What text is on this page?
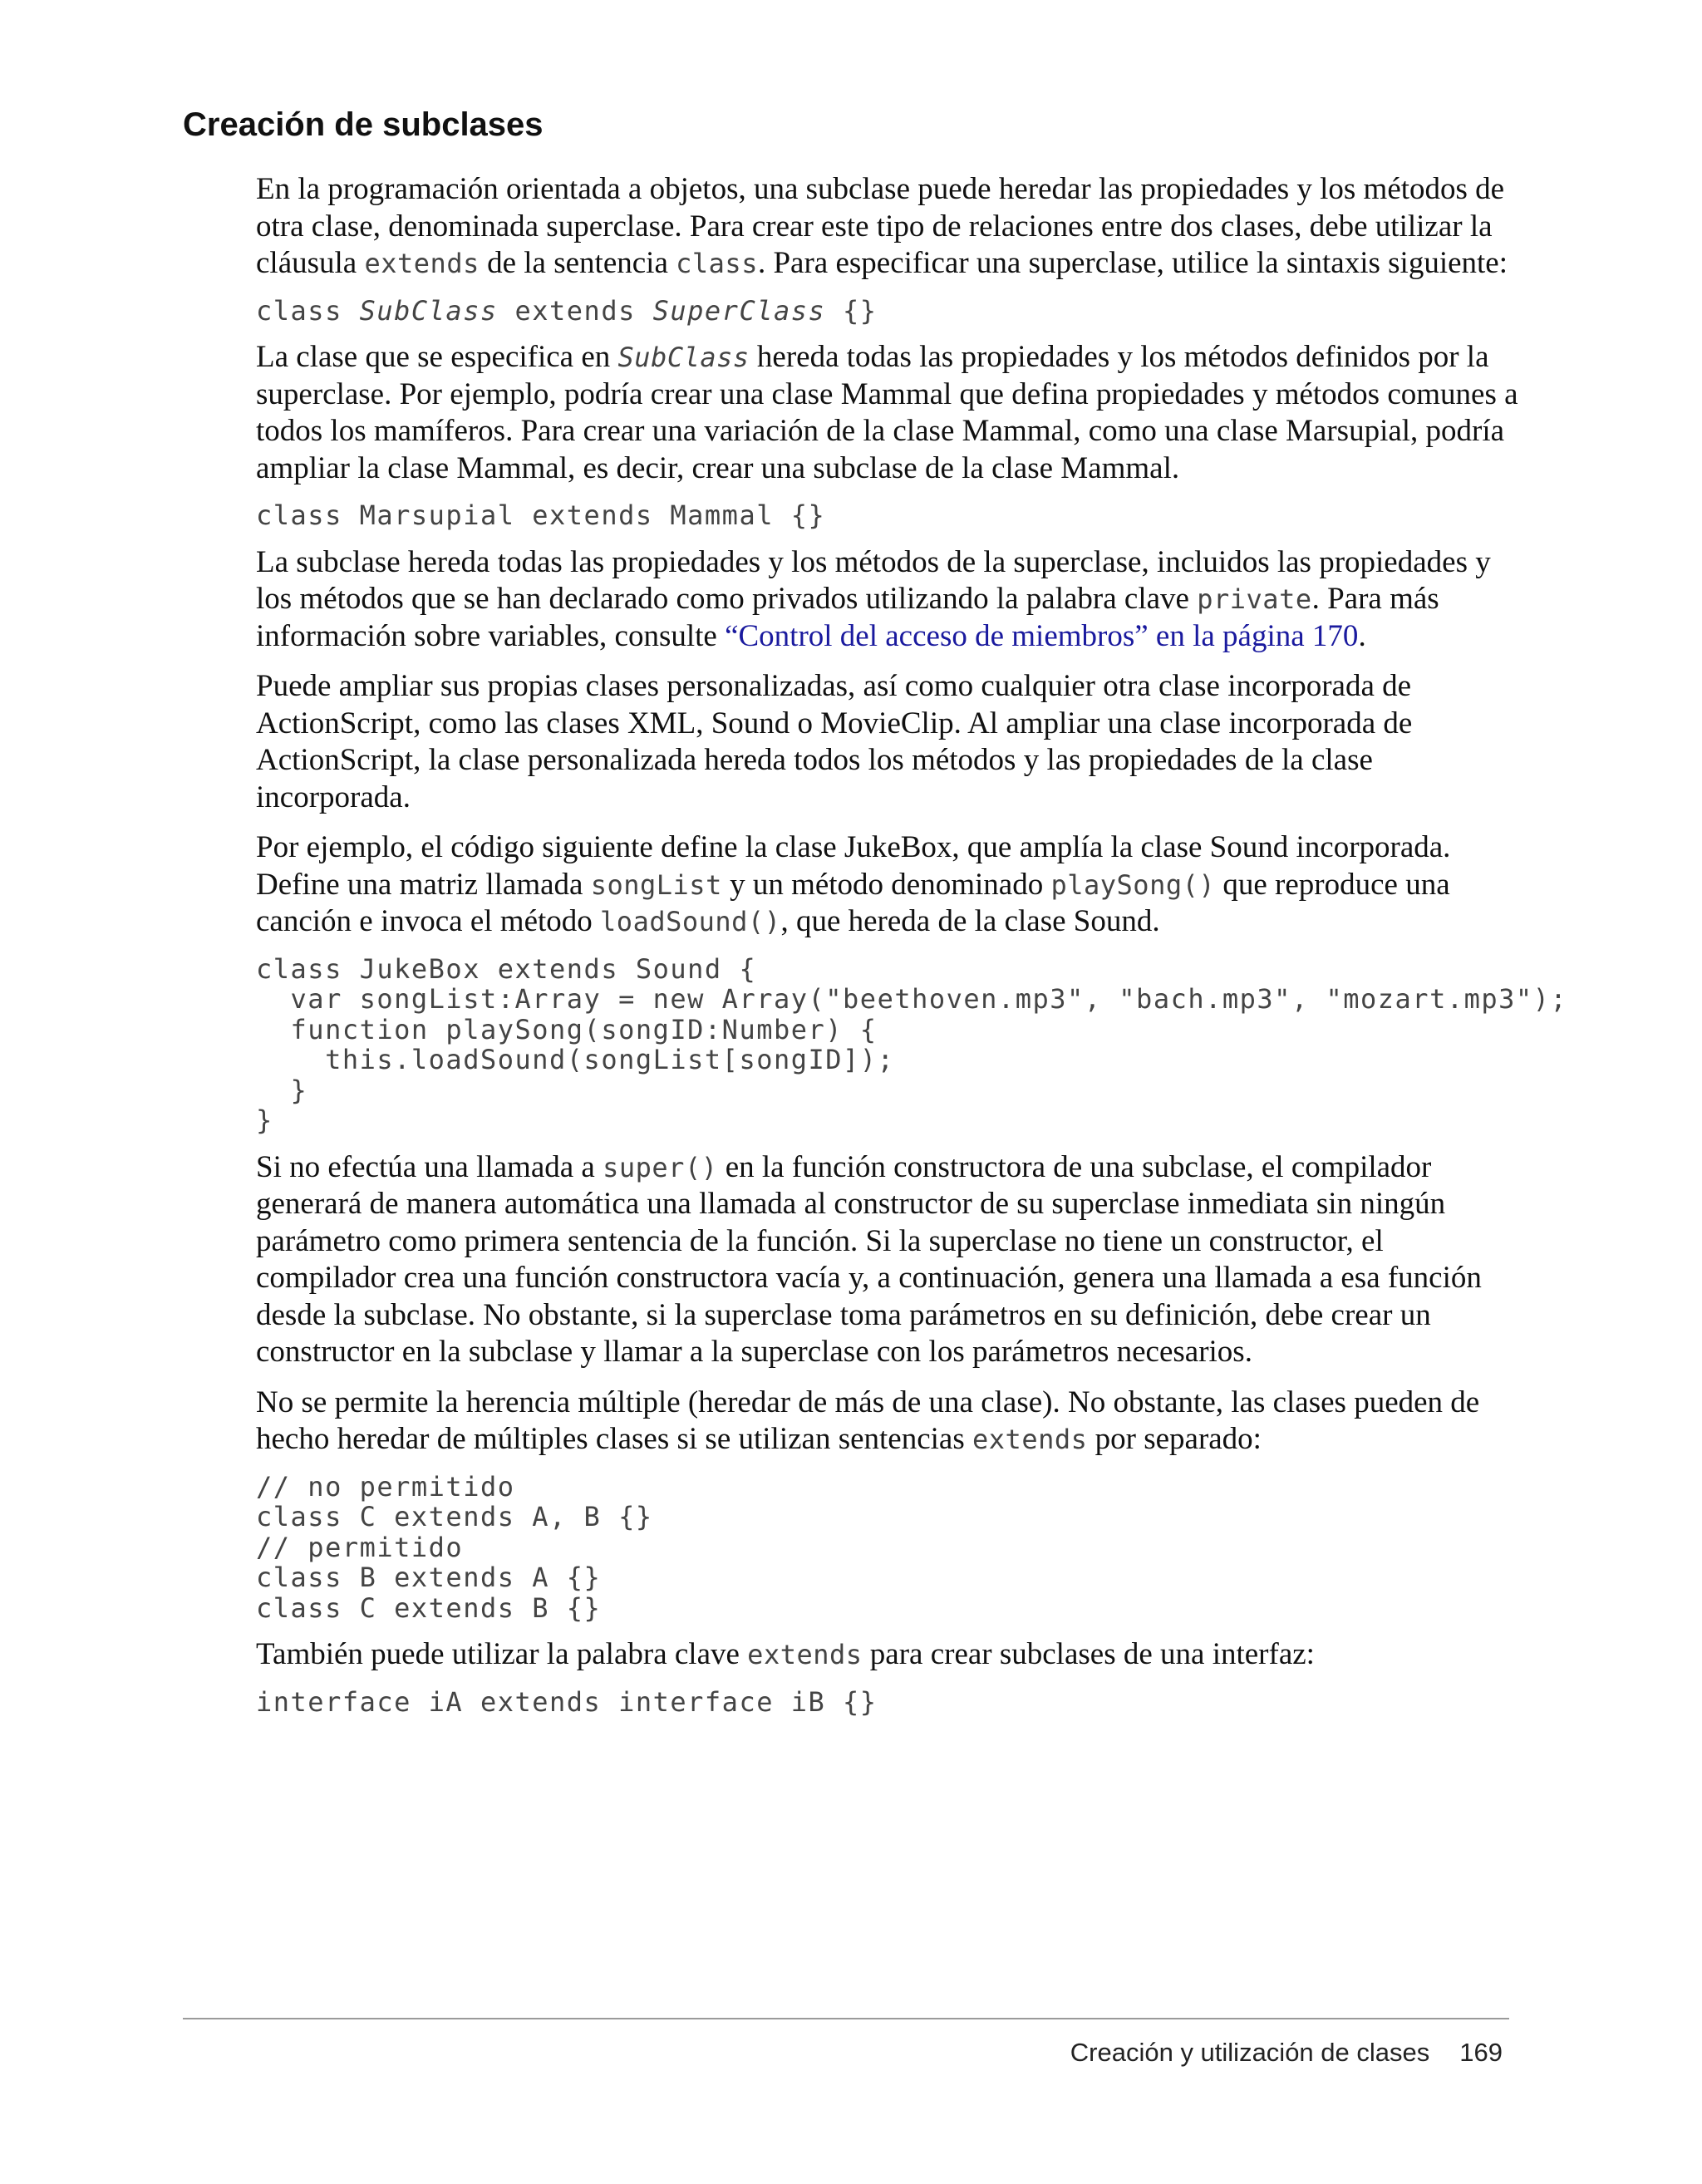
Creación de subclases

En la programación orientada a objetos, una subclase puede heredar las propiedades y los métodos de otra clase, denominada superclase. Para crear este tipo de relaciones entre dos clases, debe utilizar la cláusula extends de la sentencia class. Para especificar una superclase, utilice la sintaxis siguiente:

class SubClass extends SuperClass {}

La clase que se especifica en SubClass hereda todas las propiedades y los métodos definidos por la superclase. Por ejemplo, podría crear una clase Mammal que defina propiedades y métodos comunes a todos los mamíferos. Para crear una variación de la clase Mammal, como una clase Marsupial, podría ampliar la clase Mammal, es decir, crear una subclase de la clase Mammal.

class Marsupial extends Mammal {}

La subclase hereda todas las propiedades y los métodos de la superclase, incluidos las propiedades y los métodos que se han declarado como privados utilizando la palabra clave private. Para más información sobre variables, consulte “Control del acceso de miembros” en la página 170.

Puede ampliar sus propias clases personalizadas, así como cualquier otra clase incorporada de ActionScript, como las clases XML, Sound o MovieClip. Al ampliar una clase incorporada de ActionScript, la clase personalizada hereda todos los métodos y las propiedades de la clase incorporada.

Por ejemplo, el código siguiente define la clase JukeBox, que amplía la clase Sound incorporada. Define una matriz llamada songList y un método denominado playSong() que reproduce una canción e invoca el método loadSound(), que hereda de la clase Sound.

class JukeBox extends Sound {
var songList:Array = new Array("beethoven.mp3", "bach.mp3", "mozart.mp3");
function playSong(songID:Number) {
this.loadSound(songList[songID]);
}
}

Si no efectúa una llamada a super() en la función constructora de una subclase, el compilador generará de manera automática una llamada al constructor de su superclase inmediata sin ningún parámetro como primera sentencia de la función. Si la superclase no tiene un constructor, el compilador crea una función constructora vacía y, a continuación, genera una llamada a esa función desde la subclase. No obstante, si la superclase toma parámetros en su definición, debe crear un constructor en la subclase y llamar a la superclase con los parámetros necesarios.

No se permite la herencia múltiple (heredar de más de una clase). No obstante, las clases pueden de hecho heredar de múltiples clases si se utilizan sentencias extends por separado:

// no permitido
class C extends A, B {}
// permitido
class B extends A {}
class C extends B {}

También puede utilizar la palabra clave extends para crear subclases de una interfaz:

interface iA extends interface iB {}
Creación y utilización de clases 169
